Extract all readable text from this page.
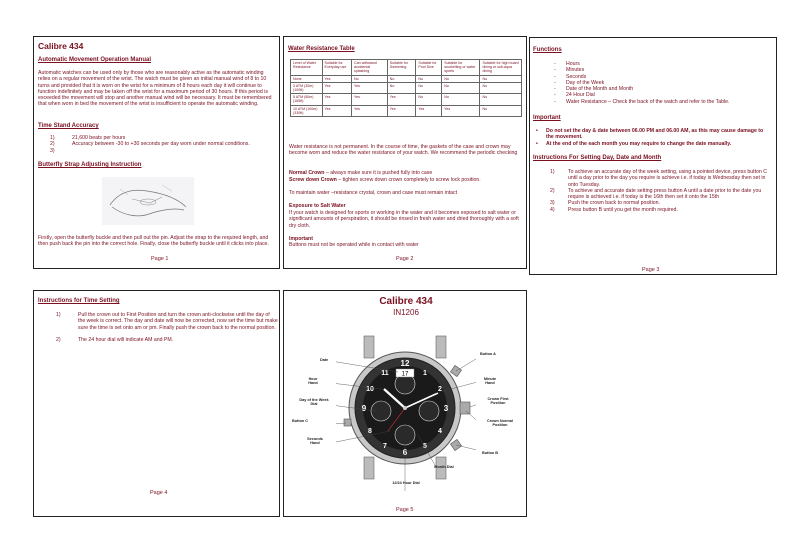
Calibre 434
Automatic Movement Operation Manual
Automatic watches can be used only by those who are reasonably active as the automatic winding relies on a regular movement of the wrist. The watch must be given an initial manual wind of 8 to 10 turns and provided that it is worn on the wrist for a minimum of 8 hours each day it will continue to function indefinitely and may be taken off the wrist for a maximum period of 30 hours. If this period is exceeded the movement will stop and another manual wind will be necessary. It must be remembered that when worn in bed the movement of the wrist is insufficient to operate the automatic winding.
Time Stand Accuracy
1)	21,600 beats per hours
2)	Accuracy between -30 to +30 seconds per day worn under normal conditions.
3)
Butterfly Strap Adjusting Instruction
Firstly, open the butterfly buckle and then pull out the pin. Adjust the strap to the required length, and then push back the pin into the correct hole. Finally, close the butterfly buckle until it clicks into place.
Page 1
Water Resistance Table
Level of Water Resistance	Suitable for Everyday use	Can withstand accidental splashing	Suitable for Swimming	Suitable for Pool Dive	Suitable for snorkelling or water sports	Suitable for high board diving or sub-aqua diving
None	Yes	No	No	No	No	No
3 ATM (30m) (100ft)	Yes	Yes	No	No	No	No
5 ATM (50m) (165ft)	Yes	Yes	Yes	No	No	No
10 ATM (100m) (330ft)	Yes	Yes	Yes	Yes	Yes	No
Water resistance is not permanent. In the course of time, the gaskets of the case and crown may become worn and reduce the water resistance of your watch. We recommend the periodic checking
Normal Crown – always make sure it is pushed fully into case
Screw down Crown – tighten screw down crown completely to screw lock position.
To maintain water –resistance crystal, crown and case must remain intact
Exposure to Salt Water
If your watch is designed for sports or working in the water and it becomes exposed to salt water or significant amounts of perspiration, it should be rinsed in fresh water and dried thoroughly with a soft dry cloth.
Important
Buttons must not be operated while in contact with water
Page 2
Functions
- Hours
- Minutes
- Seconds
- Day of the Week
- Date of the Month and Month
- 24 Hour Dial
- Water Resistance – Check the back of the watch and refer to the Table.
Important
•	Do not set the day & date between 06.00 PM and 06.00 AM, as this may cause damage to the movement.
•	At the end of the each month you may require to change the date manually.
Instructions For Setting Day, Date and Month
1)	To achieve an accurate day of the week setting, using a pointed device, press button C until a day prior to the day you require is achieve i.e. if today is Wednesday then set in onto Tuesday.
2)	To achieve and accurate date setting press button A until a date prior to the date you require is achieved i.e. if today is the 16th then set it onto the 15th
3)	Push the crown back to normal position.
4)	Press button B until you get the month required.
Page 3
Instructions for Time Setting
1)	Pull the crown out to First Position and turn the crown anti-clockwise until the day of the week is correct. The day and date will now be corrected, now set the time but make sure the time is set onto am or pm. Finally push the crown back to the normal position.
2)	The 24 hour dial will indicate AM and PM.
Page 4
Calibre 434
IN1206
17
12
3
6
9
1
2
4
5
7
8
10
11
Date
Hour Hand
Day of the Week Dial
Button C
Seconds Hand
Button A
Minute Hand
Crown First Position
Crown Normal Position
Button B
Month Dial
12/24 Hour Dial
Page 5
